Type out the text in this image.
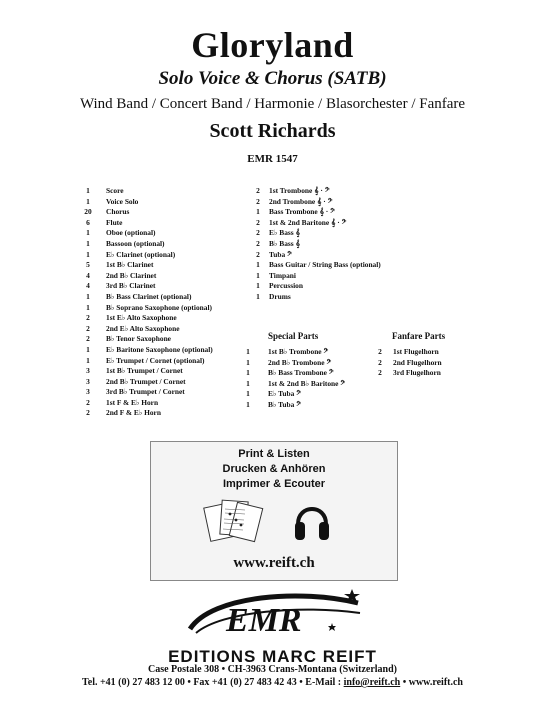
Gloryland
Solo Voice & Chorus (SATB)
Wind Band / Concert Band / Harmonie / Blasorchester / Fanfare
Scott Richards
EMR 1547
1	Score
1	Voice Solo
20	Chorus
6	Flute
1	Oboe (optional)
1	Bassoon (optional)
1	E♭ Clarinet (optional)
5	1st B♭ Clarinet
4	2nd B♭ Clarinet
4	3rd B♭ Clarinet
1	B♭ Bass Clarinet (optional)
1	B♭ Soprano Saxophone (optional)
2	1st E♭ Alto Saxophone
2	2nd E♭ Alto Saxophone
2	B♭ Tenor Saxophone
1	E♭ Baritone Saxophone (optional)
1	E♭ Trumpet / Cornet (optional)
3	1st B♭ Trumpet / Cornet
3	2nd B♭ Trumpet / Cornet
3	3rd B♭ Trumpet / Cornet
2	1st F & E♭ Horn
2	2nd F & E♭ Horn
2	1st Trombone 𝄞 · 𝄢
2	2nd Trombone 𝄞 · 𝄢
1	Bass Trombone 𝄞 · 𝄢
2	1st & 2nd Baritone 𝄞 · 𝄢
2	E♭ Bass 𝄞
2	B♭ Bass 𝄞
2	Tuba 𝄢
1	Bass Guitar / String Bass (optional)
1	Timpani
1	Percussion
1	Drums
Special Parts	Fanfare Parts
1	1st B♭ Trombone 𝄢
1	2nd B♭ Trombone 𝄢
1	B♭ Bass Trombone 𝄢
1	1st & 2nd B♭ Baritone 𝄢
1	E♭ Tuba 𝄢
1	B♭ Tuba 𝄢
2	1st Flugelhorn
2	2nd Flugelhorn
2	3rd Flugelhorn
Print & Listen
Drucken & Anhören
Imprimer & Ecouter
www.reift.ch
EMR
EDITIONS MARC REIFT
Case Postale 308 • CH-3963 Crans-Montana (Switzerland)
Tel. +41 (0) 27 483 12 00 • Fax +41 (0) 27 483 42 43 • E-Mail : info@reift.ch • www.reift.ch
